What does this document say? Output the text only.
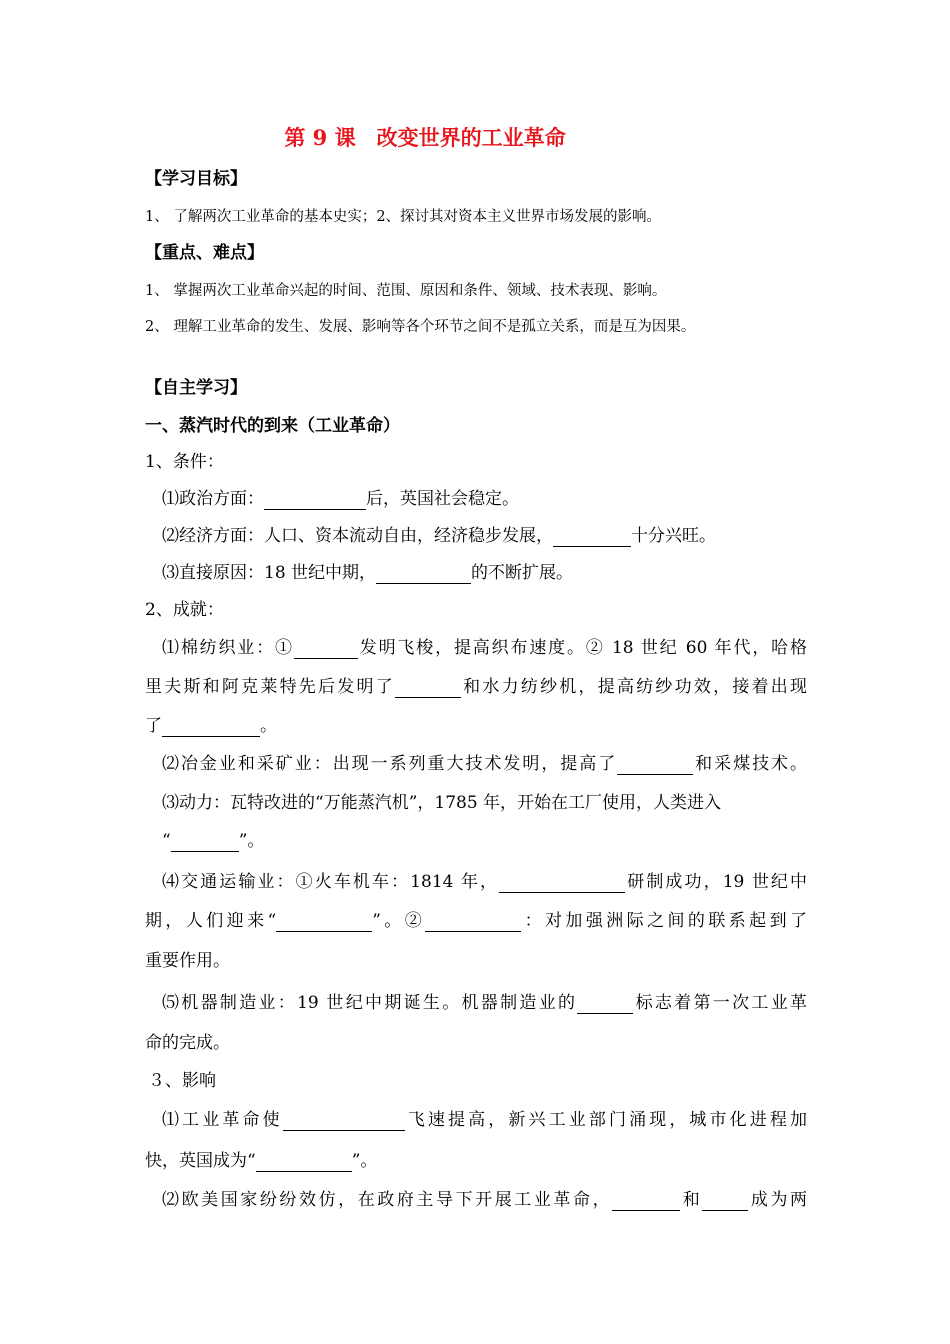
第 9 课　改变世界的工业革命
【学习目标】
1、 了解两次工业革命的基本史实；2、探讨其对资本主义世界市场发展的影响。
【重点、难点】
1、 掌握两次工业革命兴起的时间、范围、原因和条件、领域、技术表现、影响。
2、 理解工业革命的发生、发展、影响等各个环节之间不是孤立关系，而是互为因果。
【自主学习】
一、蒸汽时代的到来（工业革命）
1、条件：
⑴政治方面：	后，英国社会稳定。
⑵经济方面：人口、资本流动自由，经济稳步发展，	十分兴旺。
⑶直接原因：18 世纪中期，	的不断扩展。
2、成就：
⑴棉纺织业：①	发明飞梭，提高织布速度。② 18 世纪 60 年代，哈格
里夫斯和阿克莱特先后发明了	和水力纺纱机，提高纺纱功效，接着出现
了	。
⑵冶金业和采矿业：出现一系列重大技术发明，提高了	和采煤技术。
⑶动力：瓦特改进的“万能蒸汽机”，1785 年，开始在工厂使用，人类进入
“	”。
⑷交通运输业：①火车机车：1814 年，	研制成功，19 世纪中
期，人们迎来“	”。②	：对加强洲际之间的联系起到了
重要作用。
⑸机器制造业：19 世纪中期诞生。机器制造业的	标志着第一次工业革
命的完成。
３、影响
⑴工业革命使	飞速提高，新兴工业部门涌现，城市化进程加
快，英国成为“	”。
⑵欧美国家纷纷效仿，在政府主导下开展工业革命，	和	成为两
